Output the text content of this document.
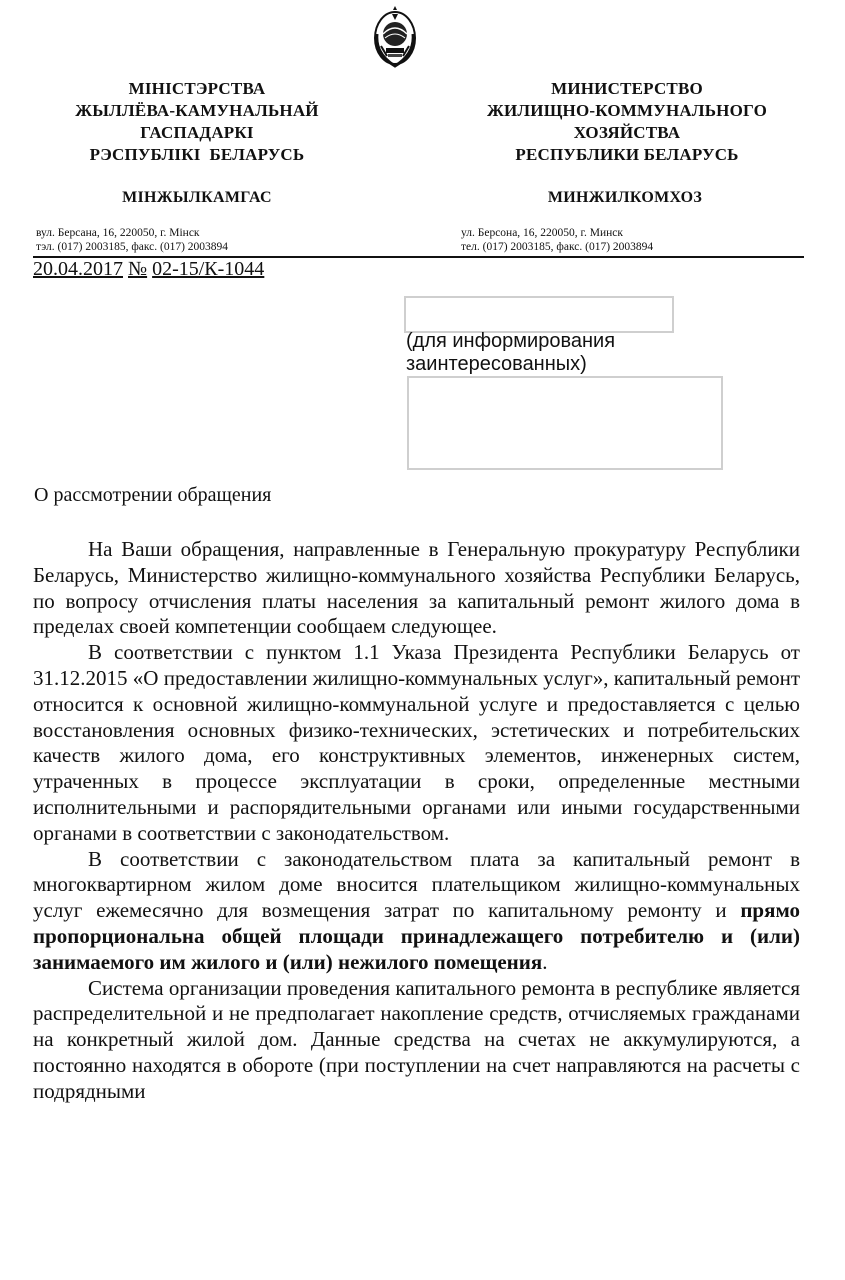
МІНІСТЭРСТВА
ЖЫЛЛЁВА-КАМУНАЛЬНАЙ
ГАСПАДАРКІ
РЭСПУБЛІКІ  БЕЛАРУСЬ
МИНИСТЕРСТВО
ЖИЛИЩНО-КОММУНАЛЬНОГО
ХОЗЯЙСТВА
РЕСПУБЛИКИ БЕЛАРУСЬ
МІНЖЫЛКАМГАС	МИНЖИЛКОМХОЗ
вул. Берсана, 16, 220050, г. Мінск
тэл. (017) 2003185, факс. (017) 2003894
ул. Берсона, 16, 220050, г. Минск
тел. (017) 2003185, факс. (017) 2003894
20.04.2017 № 02-15/К-1044
(для информирования
заинтересованных)
О рассмотрении обращения

На Ваши обращения, направленные в Генеральную прокуратуру Республики Беларусь, Министерство жилищно-коммунального хозяйства Республики Беларусь, по вопросу отчисления платы населения за капитальный ремонт жилого дома в пределах своей компетенции сообщаем следующее.

В соответствии с пунктом 1.1 Указа Президента Республики Беларусь от 31.12.2015 «О предоставлении жилищно-коммунальных услуг», капитальный ремонт относится к основной жилищно-коммунальной услуге и предоставляется с целью восстановления основных физико-технических, эстетических и потребительских качеств жилого дома, его конструктивных элементов, инженерных систем, утраченных в процессе эксплуатации в сроки, определенные местными исполнительными и распорядительными органами или иными государственными органами в соответствии с законодательством.

В соответствии с законодательством плата за капитальный ремонт в многоквартирном жилом доме вносится плательщиком жилищно-коммунальных услуг ежемесячно для возмещения затрат по капитальному ремонту и прямо пропорциональна общей площади принадлежащего потребителю и (или) занимаемого им жилого и (или) нежилого помещения.

Система организации проведения капитального ремонта в республике является распределительной и не предполагает накопление средств, отчисляемых гражданами на конкретный жилой дом. Данные средства на счетах не аккумулируются, а постоянно находятся в обороте (при поступлении на счет направляются на расчеты с подрядными
